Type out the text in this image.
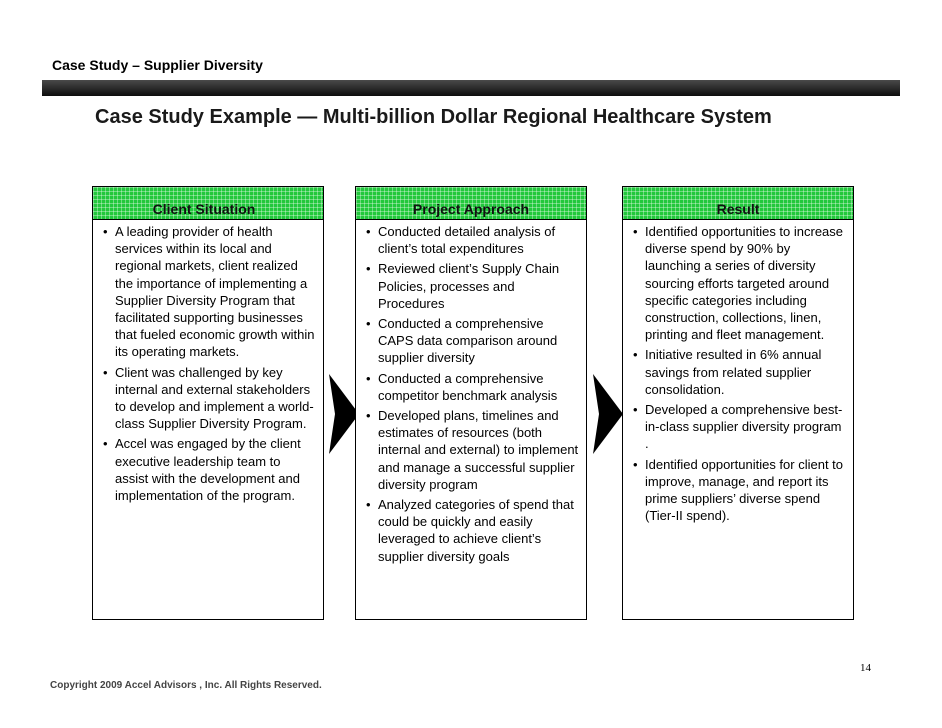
Case Study – Supplier Diversity
Case Study Example — Multi-billion Dollar Regional Healthcare System
Client Situation
• A leading provider of health services within its local and regional markets, client realized the importance of implementing a Supplier Diversity Program that facilitated supporting businesses that fueled economic growth within its operating markets.
• Client was challenged by key internal and external stakeholders to develop and implement a world-class Supplier Diversity Program.
• Accel was engaged by the client executive leadership team to assist with the development and implementation of the program.
Project Approach
• Conducted detailed analysis of client’s total expenditures
• Reviewed client’s Supply Chain Policies, processes and Procedures
• Conducted a comprehensive CAPS data comparison around supplier diversity
• Conducted a comprehensive competitor benchmark analysis
• Developed plans, timelines and estimates of resources (both internal and external) to implement and manage a successful supplier diversity program
• Analyzed categories of spend that could be quickly and easily leveraged to achieve client’s supplier diversity goals
Result
• Identified opportunities to increase diverse spend by 90% by launching a series of diversity sourcing efforts targeted around specific categories including construction, collections, linen, printing and fleet management.
• Initiative resulted in 6% annual savings from related supplier consolidation.
• Developed a comprehensive best-in-class supplier diversity program .
• Identified opportunities for client to improve, manage, and report its prime suppliers’ diverse spend (Tier-II spend).
14
Copyright 2009 Accel Advisors , Inc. All Rights Reserved.
